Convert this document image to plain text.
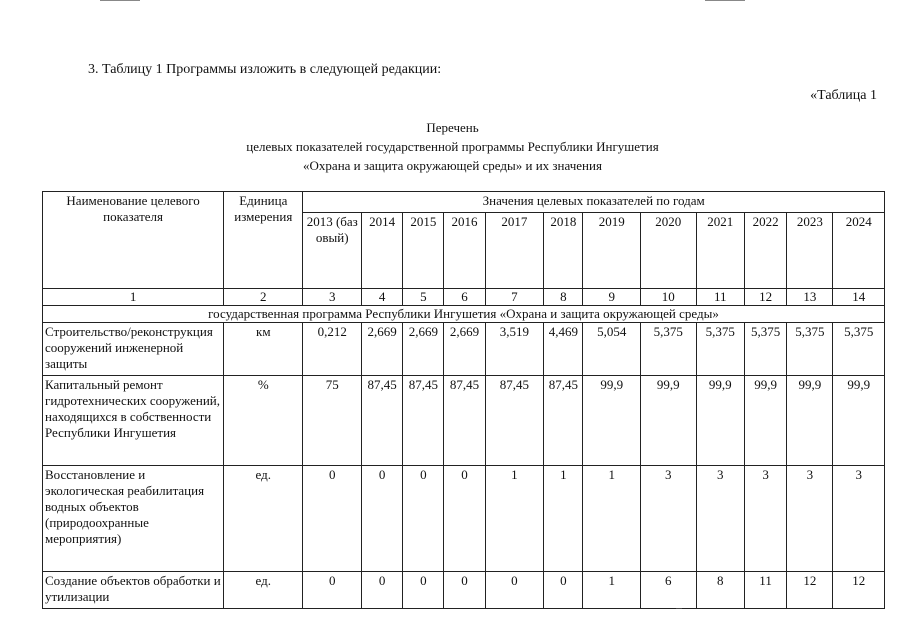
3. Таблицу 1 Программы изложить в следующей редакции:
«Таблица 1
Перечень
целевых показателей государственной программы Республики Ингушетия
«Охрана и защита окружающей среды» и их значения
Наименование целевого показателя	Единица измерения	Значения целевых показателей по годам											
		2013 (базовый)	2014	2015	2016	2017	2018	2019	2020	2021	2022	2023	2024
1	2	3	4	5	6	7	8	9	10	11	12	13	14
государственная программа Республики Ингушетия «Охрана и защита окружающей среды»													
Строительство/реконструкция сооружений инженерной защиты	км	0,212	2,669	2,669	2,669	3,519	4,469	5,054	5,375	5,375	5,375	5,375	5,375
Капитальный ремонт гидротехнических сооружений, находящихся в собственности Республики Ингушетия	%	75	87,45	87,45	87,45	87,45	87,45	99,9	99,9	99,9	99,9	99,9	99,9
Восстановление и экологическая реабилитация водных объектов (природоохранные мероприятия)	ед.	0	0	0	0	1	1	1	3	3	3	3	3
Создание объектов обработки и утилизации	ед.	0	0	0	0	0	0	1	6	8	11	12	12
